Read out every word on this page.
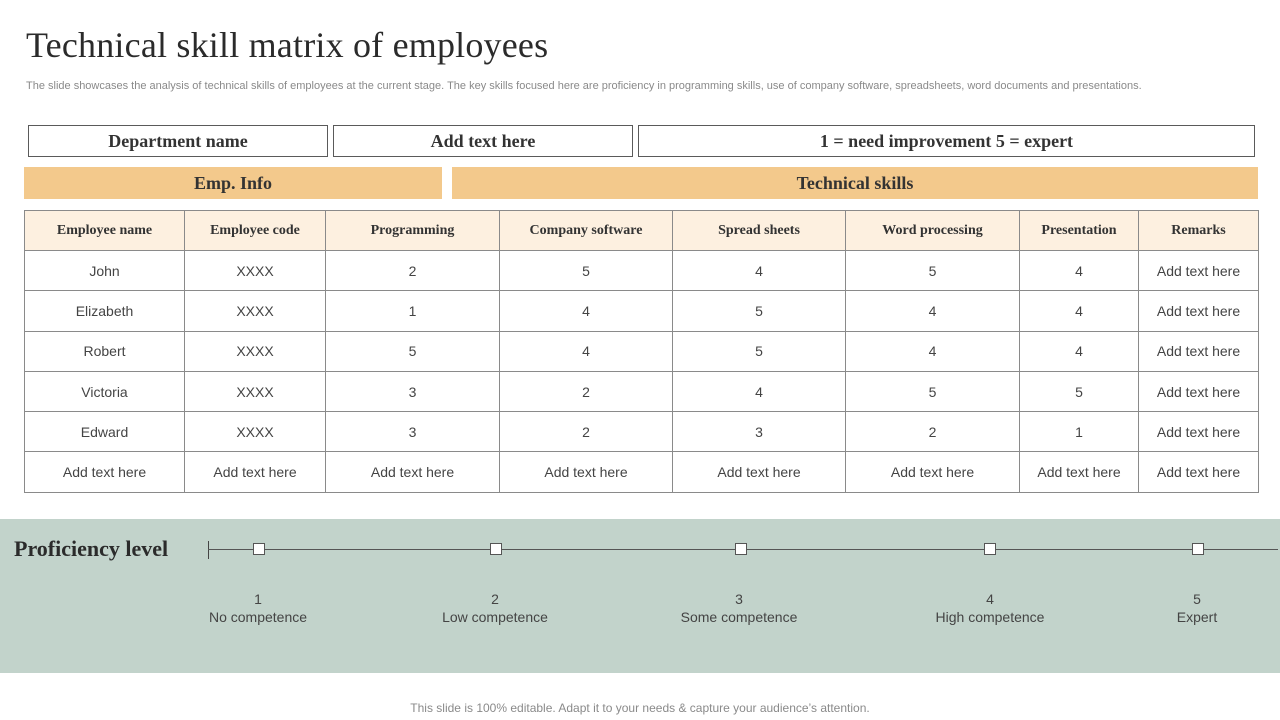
Technical skill matrix of employees

The slide showcases the analysis of technical skills of employees at the current stage. The key skills focused here are proficiency in programming skills, use of company software, spreadsheets, word documents and presentations.

Department name	Add text here	1 = need improvement 5 = expert
Emp. Info	Technical skills
Employee name	Employee code	Programming	Company software	Spread sheets	Word processing	Presentation	Remarks
John	XXXX	2	5	4	5	4	Add text here
Elizabeth	XXXX	1	4	5	4	4	Add text here
Robert	XXXX	5	4	5	4	4	Add text here
Victoria	XXXX	3	2	4	5	5	Add text here
Edward	XXXX	3	2	3	2	1	Add text here
Add text here	Add text here	Add text here	Add text here	Add text here	Add text here	Add text here	Add text here
Proficiency level
1
No competence
2
Low competence
3
Some competence
4
High competence
5
Expert
This slide is 100% editable. Adapt it to your needs & capture your audience’s attention.
